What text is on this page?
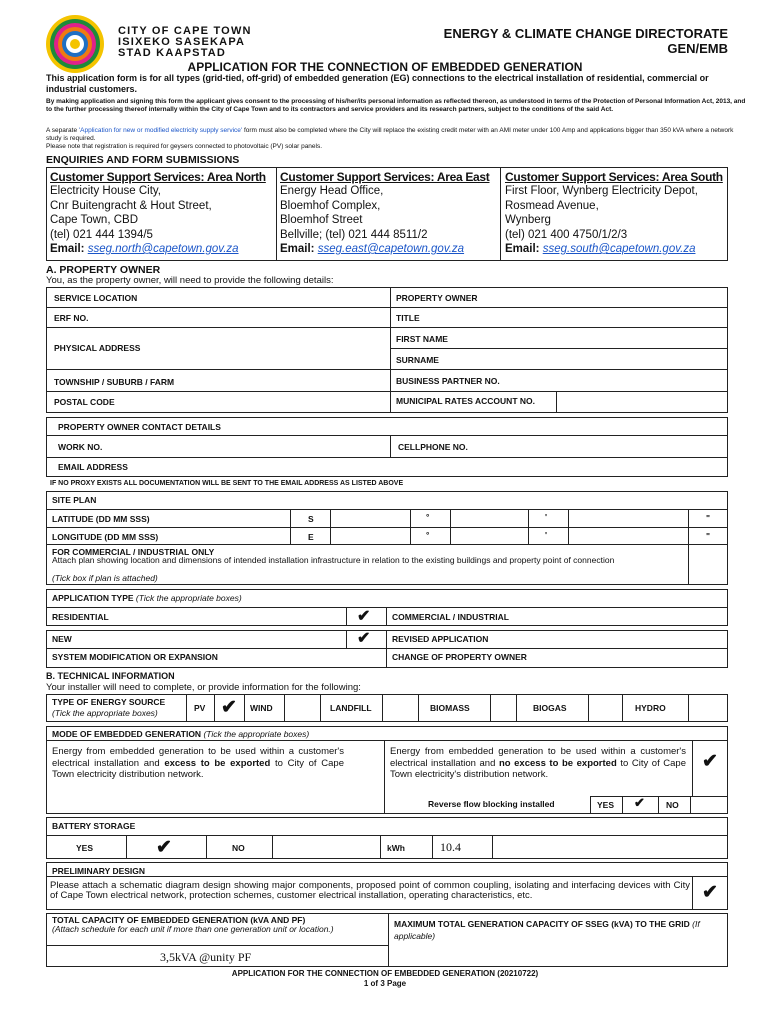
CITY OF CAPE TOWN
ISIXEKO SASEKAPA
STAD KAAPSTAD
ENERGY & CLIMATE CHANGE DIRECTORATE
GEN/EMB
APPLICATION FOR THE CONNECTION OF EMBEDDED GENERATION
This application form is for all types (grid-tied, off-grid) of embedded generation (EG) connections to the electrical installation of residential, commercial or industrial customers.
By making application and signing this form the applicant gives consent to the processing of his/her/its personal information as reflected thereon, as understood in terms of the Protection of Personal Information Act, 2013, and to the further processing thereof internally within the City of Cape Town and to its contractors and service providers and its research partners, subject to the conditions of the said Act.
A separate 'Application for new or modified electricity supply service' form must also be completed where the City will replace the existing credit meter with an AMI meter under 100 Amp and applications bigger than 350 kVA where a network study is required.
Please note that registration is required for geysers connected to photovoltaic (PV) solar panels.
ENQUIRIES AND FORM SUBMISSIONS
Customer Support Services: Area North
Electricity House City,
Cnr Buitengracht & Hout Street,
Cape Town, CBD
(tel) 021 444 1394/5
Email: sseg.north@capetown.gov.za
Customer Support Services: Area East
Energy Head Office,
Bloemhof Complex,
Bloemhof Street
Bellville; (tel) 021 444 8511/2
Email: sseg.east@capetown.gov.za
Customer Support Services: Area South
First Floor, Wynberg Electricity Depot,
Rosmead Avenue,
Wynberg
(tel) 021 400 4750/1/2/3
Email: sseg.south@capetown.gov.za
A. PROPERTY OWNER
You, as the property owner, will need to provide the following details:
SERVICE LOCATION	PROPERTY OWNER
ERF NO.	TITLE
PHYSICAL ADDRESS
FIRST NAME
SURNAME
TOWNSHIP / SUBURB / FARM	BUSINESS PARTNER NO.
POSTAL CODE	MUNICIPAL RATES ACCOUNT NO.
PROPERTY OWNER CONTACT DETAILS
WORK NO.	CELLPHONE NO.
EMAIL ADDRESS
IF NO PROXY EXISTS ALL DOCUMENTATION WILL BE SENT TO THE EMAIL ADDRESS AS LISTED ABOVE
SITE PLAN
LATITUDE (DD MM SSS)	S	°	'	"
LONGITUDE (DD MM SSS)	E	°	'	"
FOR COMMERCIAL / INDUSTRIAL ONLY
Attach plan showing location and dimensions of intended installation infrastructure in relation to the existing buildings and property point of connection
(Tick box if plan is attached)
APPLICATION TYPE (Tick the appropriate boxes)
RESIDENTIAL	✔	COMMERCIAL / INDUSTRIAL
NEW	✔	REVISED APPLICATION
SYSTEM MODIFICATION OR EXPANSION	CHANGE OF PROPERTY OWNER
B. TECHNICAL INFORMATION
Your installer will need to complete, or provide information for the following:
TYPE OF ENERGY SOURCE
(Tick the appropriate boxes)	PV ✔ WIND	LANDFILL	BIOMASS	BIOGAS	HYDRO
MODE OF EMBEDDED GENERATION (Tick the appropriate boxes)
Energy from embedded generation to be used within a customer's electrical installation and excess to be exported to City of Cape Town electricity distribution network.
Energy from embedded generation to be used within a customer's electrical installation and no excess to be exported to City of Cape Town electricity's distribution network.
✔
Reverse flow blocking installed	YES ✔ NO
BATTERY STORAGE
YES	✔	NO	kWh	10.4
PRELIMINARY DESIGN
Please attach a schematic diagram design showing major components, proposed point of common coupling, isolating and interfacing devices with City of Cape Town electrical network, protection schemes, customer electrical installation, operating characteristics, etc.	✔
TOTAL CAPACITY OF EMBEDDED GENERATION (kVA AND PF)
(Attach schedule for each unit if more than one generation unit or location.)
3,5kVA @unity PF
MAXIMUM TOTAL GENERATION CAPACITY OF SSEG (kVA) TO THE GRID (If applicable)
APPLICATION FOR THE CONNECTION OF EMBEDDED GENERATION (20210722)
1 of 3 Page
